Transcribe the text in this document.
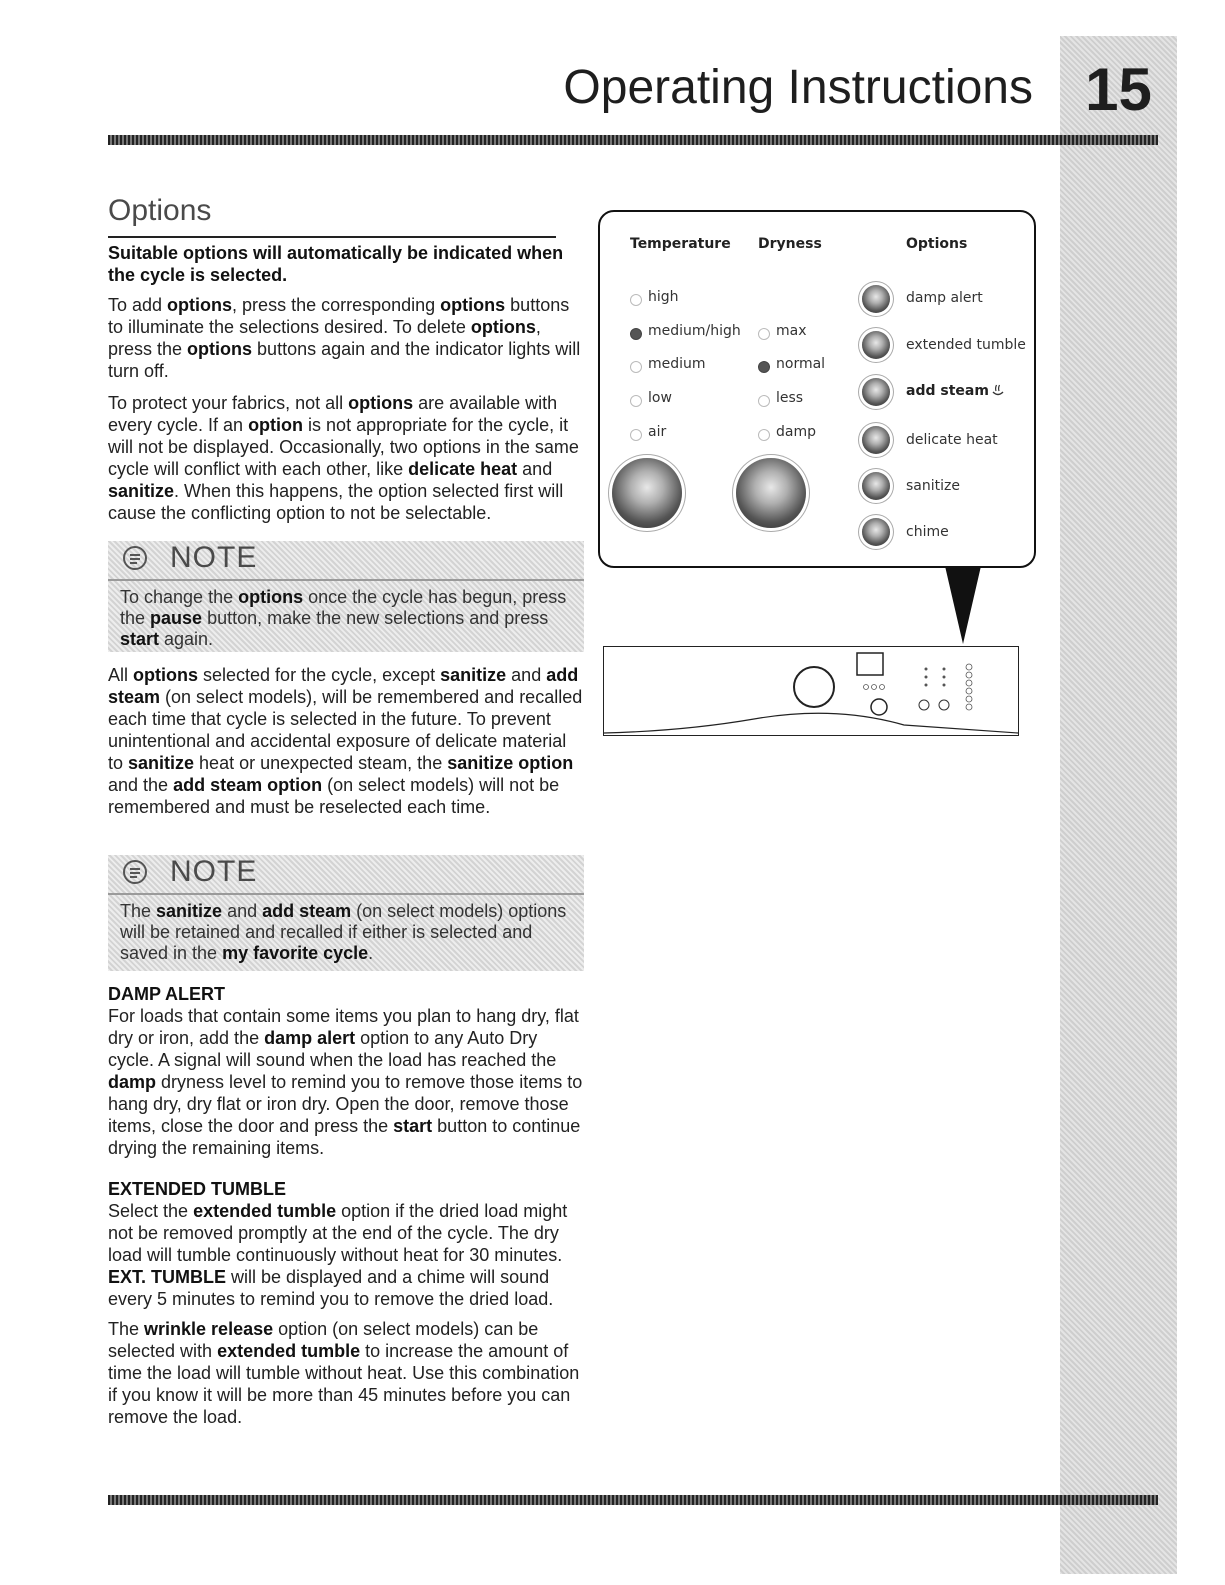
15
Operating Instructions
Options

Suitable options will automatically be indicated when the cycle is selected.

To add options, press the corresponding options buttons to illuminate the selections desired. To delete options, press the options buttons again and the indicator lights will turn off.

To protect your fabrics, not all options are available with every cycle. If an option is not appropriate for the cycle, it will not be displayed. Occasionally, two options in the same cycle will conflict with each other, like delicate heat and sanitize. When this happens, the option selected first will cause the conflicting option to not be selectable.

NOTE
To change the options once the cycle has begun, press the pause button, make the new selections and press start again.

All options selected for the cycle, except sanitize and add steam (on select models), will be remembered and recalled each time that cycle is selected in the future. To prevent unintentional and accidental exposure of delicate material to sanitize heat or unexpected steam, the sanitize option and the add steam option (on select models) will not be remembered and must be reselected each time.

NOTE
The sanitize and add steam (on select models) options will be retained and recalled if either is selected and saved in the my favorite cycle.
DAMP ALERT

For loads that contain some items you plan to hang dry, flat dry or iron, add the damp alert option to any Auto Dry cycle. A signal will sound when the load has reached the damp dryness level to remind you to remove those items to hang dry, dry flat or iron dry. Open the door, remove those items, close the door and press the start button to continue drying the remaining items.

EXTENDED TUMBLE

Select the extended tumble option if the dried load might not be removed promptly at the end of the cycle. The dry load will tumble continuously without heat for 30 minutes. EXT. TUMBLE will be displayed and a chime will sound every 5 minutes to remind you to remove the dried load.

The wrinkle release option (on select models) can be selected with extended tumble to increase the amount of time the load will tumble without heat. Use this combination if you know it will be more than 45 minutes before you can remove the load.

Temperature Dryness	Options
high
medium/high
medium
low
air
max
normal
less
damp
damp alert
extended tumble
add steam
delicate heat
sanitize
chime
